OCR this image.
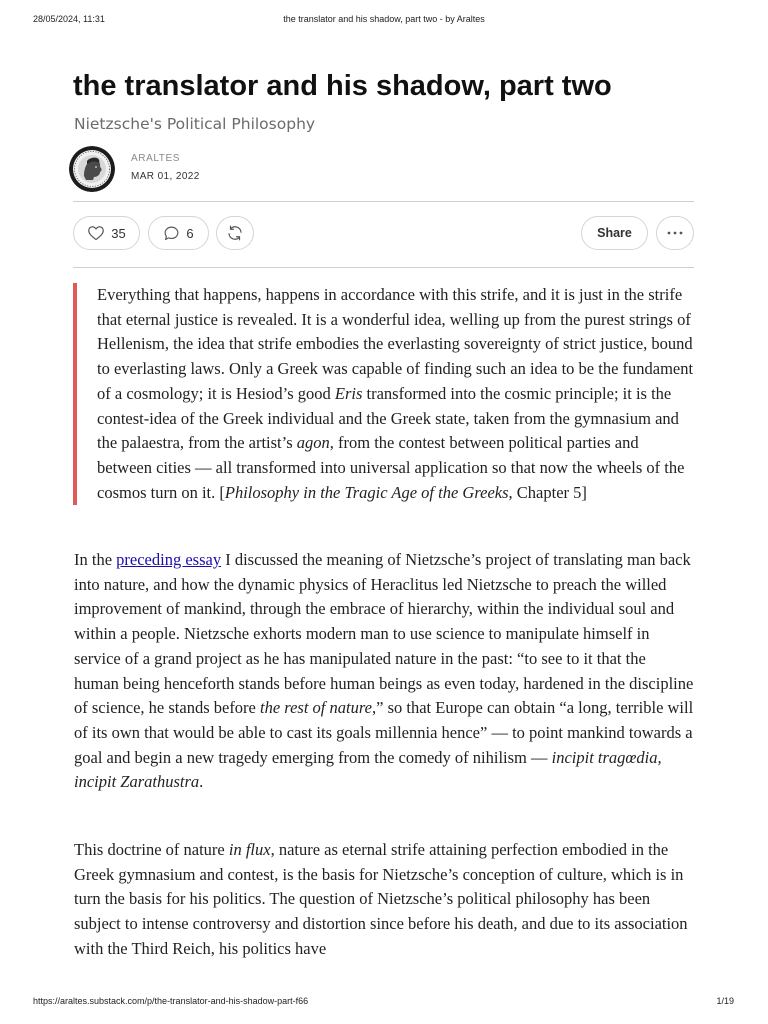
28/05/2024, 11:31	the translator and his shadow, part two - by Araltes
the translator and his shadow, part two
Nietzsche's Political Philosophy
ARALTES
MAR 01, 2022
35	6	Share

Everything that happens, happens in accordance with this strife, and it is just in the strife that eternal justice is revealed. It is a wonderful idea, welling up from the purest strings of Hellenism, the idea that strife embodies the everlasting sovereignty of strict justice, bound to everlasting laws. Only a Greek was capable of finding such an idea to be the fundament of a cosmology; it is Hesiod’s good Eris transformed into the cosmic principle; it is the contest-idea of the Greek individual and the Greek state, taken from the gymnasium and the palaestra, from the artist’s agon, from the contest between political parties and between cities — all transformed into universal application so that now the wheels of the cosmos turn on it. [Philosophy in the Tragic Age of the Greeks, Chapter 5]

In the preceding essay I discussed the meaning of Nietzsche’s project of translating man back into nature, and how the dynamic physics of Heraclitus led Nietzsche to preach the willed improvement of mankind, through the embrace of hierarchy, within the individual soul and within a people. Nietzsche exhorts modern man to use science to manipulate himself in service of a grand project as he has manipulated nature in the past: “to see to it that the human being henceforth stands before human beings as even today, hardened in the discipline of science, he stands before the rest of nature,” so that Europe can obtain “a long, terrible will of its own that would be able to cast its goals millennia hence” — to point mankind towards a goal and begin a new tragedy emerging from the comedy of nihilism — incipit tragœdia, incipit Zarathustra.

This doctrine of nature in flux, nature as eternal strife attaining perfection embodied in the Greek gymnasium and contest, is the basis for Nietzsche’s conception of culture, which is in turn the basis for his politics. The question of Nietzsche’s political philosophy has been subject to intense controversy and distortion since before his death, and due to its association with the Third Reich, his politics have

https://araltes.substack.com/p/the-translator-and-his-shadow-part-f66	1/19
